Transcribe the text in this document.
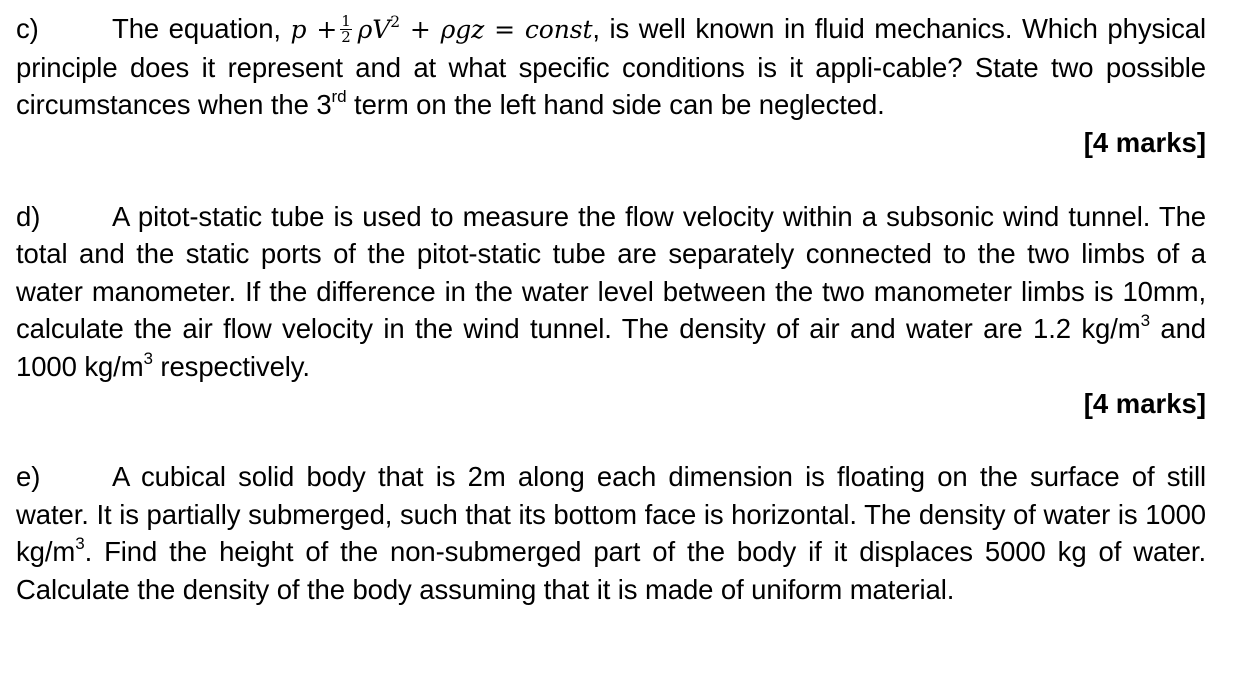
c)	The equation, $p + \frac{1}{2} \rho V^2 + \rho gz$ = const, is well known in fluid mechanics. Which physical principle does it represent and at what specific conditions is it appli-cable? State two possible circumstances when the 3rd term on the left hand side can be neglected.
[4 marks]
d)	A pitot-static tube is used to measure the flow velocity within a subsonic wind tunnel. The total and the static ports of the pitot-static tube are separately connected to the two limbs of a water manometer. If the difference in the water level between the two manometer limbs is 10mm, calculate the air flow velocity in the wind tunnel. The density of air and water are 1.2 $kg/m^3$ and 1000 $kg/m^3$ respectively.
[4 marks]
e)	A cubical solid body that is 2m along each dimension is floating on the surface of still water. It is partially submerged, such that its bottom face is horizontal. The density of water is 1000 $kg/m^3$. Find the height of the non-submerged part of the body if it displaces 5000 kg of water. Calculate the density of the body assuming that it is made of uniform material.
